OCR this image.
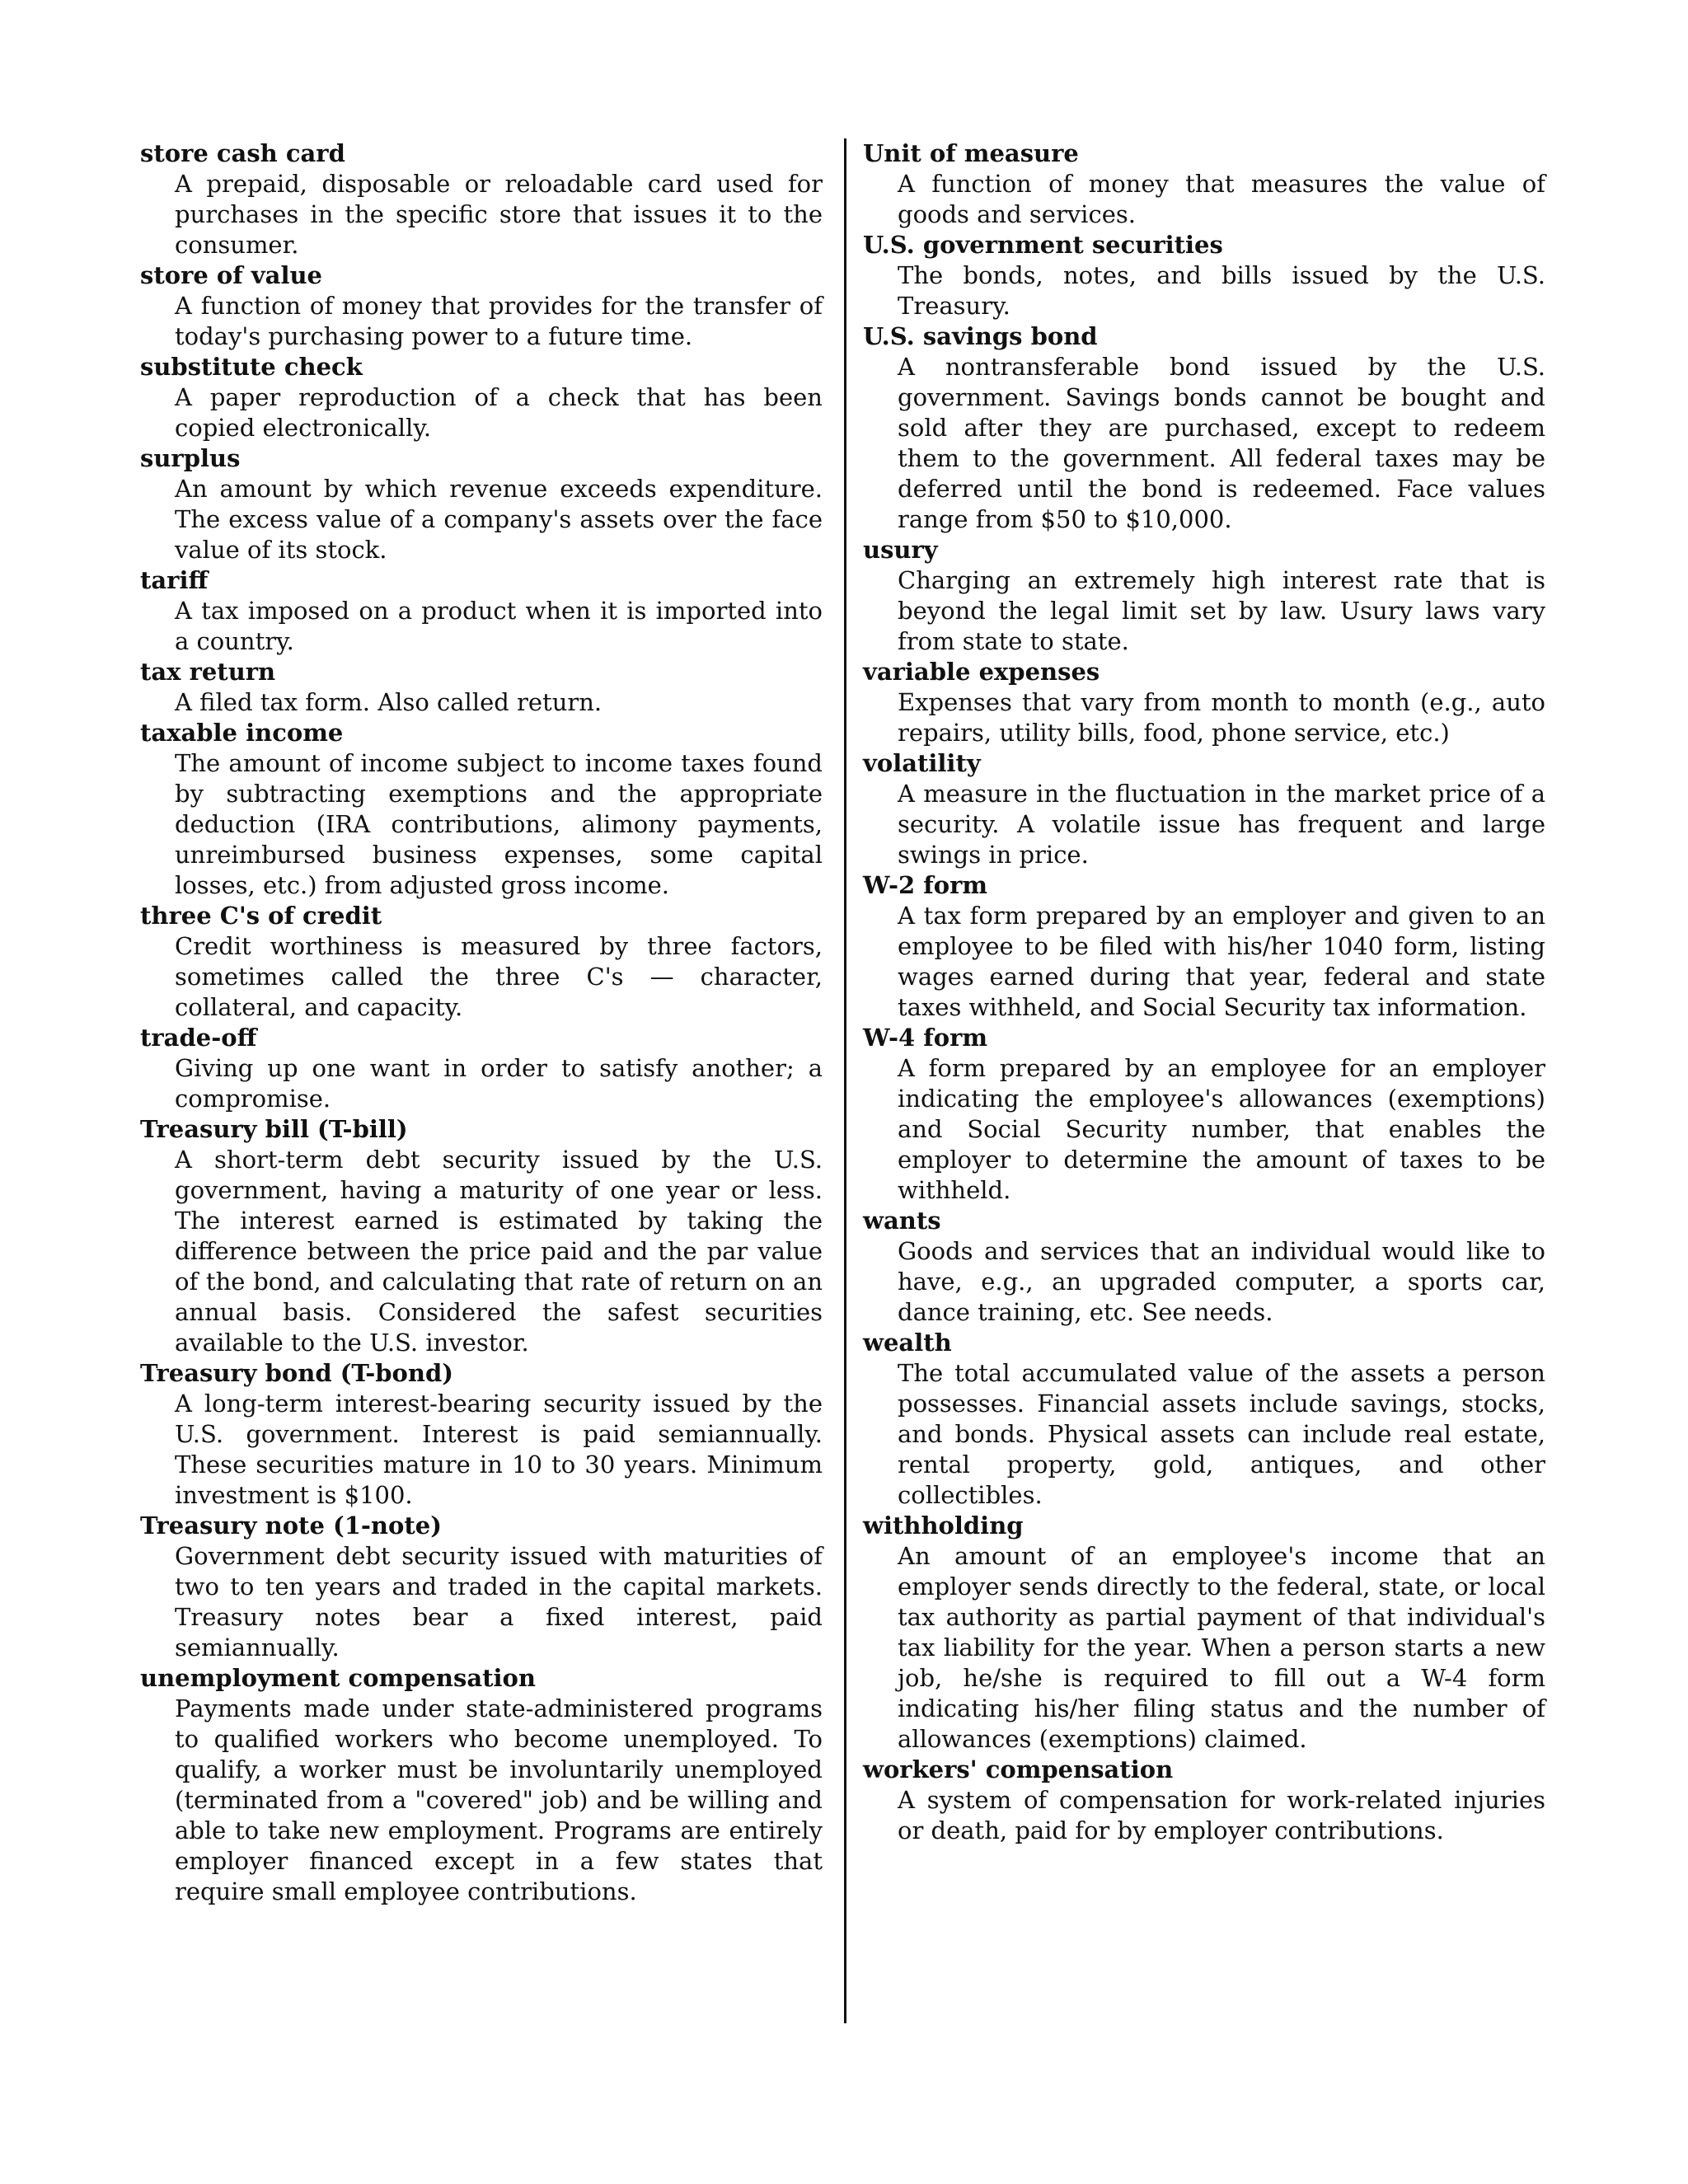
store cash card
A prepaid, disposable or reloadable card used for purchases in the specific store that issues it to the consumer.
store of value
A function of money that provides for the transfer of today's purchasing power to a future time.
substitute check
A paper reproduction of a check that has been copied electronically.
surplus
An amount by which revenue exceeds expenditure. The excess value of a company's assets over the face value of its stock.
tariff
A tax imposed on a product when it is imported into a country.
tax return
A filed tax form. Also called return.
taxable income
The amount of income subject to income taxes found by subtracting exemptions and the appropriate deduction (IRA contributions, alimony payments, unreimbursed business expenses, some capital losses, etc.) from adjusted gross income.
three C's of credit
Credit worthiness is measured by three factors, sometimes called the three C's — character, collateral, and capacity.
trade-off
Giving up one want in order to satisfy another; a compromise.
Treasury bill (T-bill)
A short-term debt security issued by the U.S. government, having a maturity of one year or less. The interest earned is estimated by taking the difference between the price paid and the par value of the bond, and calculating that rate of return on an annual basis. Considered the safest securities available to the U.S. investor.
Treasury bond (T-bond)
A long-term interest-bearing security issued by the U.S. government. Interest is paid semiannually. These securities mature in 10 to 30 years. Minimum investment is $100.
Treasury note (1-note)
Government debt security issued with maturities of two to ten years and traded in the capital markets. Treasury notes bear a fixed interest, paid semiannually.
unemployment compensation
Payments made under state-administered programs to qualified workers who become unemployed. To qualify, a worker must be involuntarily unemployed (terminated from a "covered" job) and be willing and able to take new employment. Programs are entirely employer financed except in a few states that require small employee contributions.
Unit of measure
A function of money that measures the value of goods and services.
U.S. government securities
The bonds, notes, and bills issued by the U.S. Treasury.
U.S. savings bond
A nontransferable bond issued by the U.S. government. Savings bonds cannot be bought and sold after they are purchased, except to redeem them to the government. All federal taxes may be deferred until the bond is redeemed. Face values range from $50 to $10,000.
usury
Charging an extremely high interest rate that is beyond the legal limit set by law. Usury laws vary from state to state.
variable expenses
Expenses that vary from month to month (e.g., auto repairs, utility bills, food, phone service, etc.)
volatility
A measure in the fluctuation in the market price of a security. A volatile issue has frequent and large swings in price.
W-2 form
A tax form prepared by an employer and given to an employee to be filed with his/her 1040 form, listing wages earned during that year, federal and state taxes withheld, and Social Security tax information.
W-4 form
A form prepared by an employee for an employer indicating the employee's allowances (exemptions) and Social Security number, that enables the employer to determine the amount of taxes to be withheld.
wants
Goods and services that an individual would like to have, e.g., an upgraded computer, a sports car, dance training, etc. See needs.
wealth
The total accumulated value of the assets a person possesses. Financial assets include savings, stocks, and bonds. Physical assets can include real estate, rental property, gold, antiques, and other collectibles.
withholding
An amount of an employee's income that an employer sends directly to the federal, state, or local tax authority as partial payment of that individual's tax liability for the year. When a person starts a new job, he/she is required to fill out a W-4 form indicating his/her filing status and the number of allowances (exemptions) claimed.
workers' compensation
A system of compensation for work-related injuries or death, paid for by employer contributions.
